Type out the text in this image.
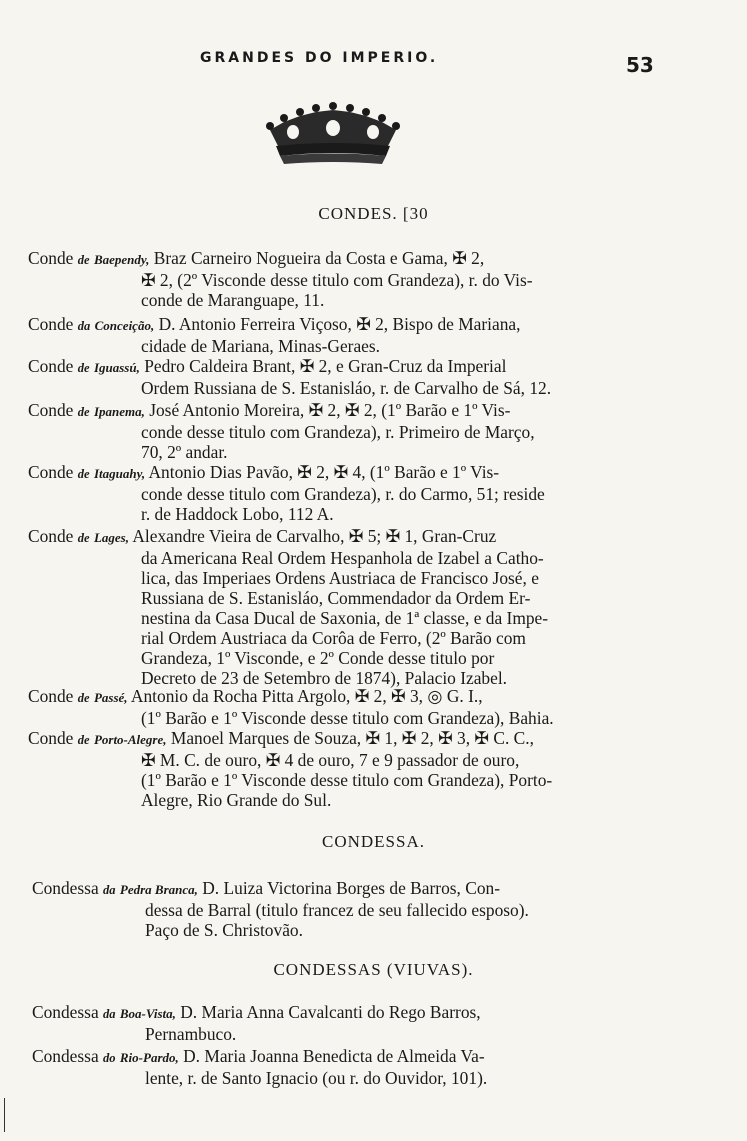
GRANDES DO IMPERIO.	53
CONDES. [30
Conde de Baependy, Braz Carneiro Nogueira da Costa e Gama, ✠ 2,
✠ 2, (2º Visconde desse titulo com Grandeza), r. do Vis-
conde de Maranguape, 11.
Conde da Conceição, D. Antonio Ferreira Viçoso, ✠ 2, Bispo de Mariana,
cidade de Mariana, Minas-Geraes.
Conde de Iguassú, Pedro Caldeira Brant, ✠ 2, e Gran-Cruz da Imperial
Ordem Russiana de S. Estanisláo, r. de Carvalho de Sá, 12.
Conde de Ipanema, José Antonio Moreira, ✠ 2, ✠ 2, (1º Barão e 1º Vis-
conde desse titulo com Grandeza), r. Primeiro de Março,
70, 2º andar.
Conde de Itaguahy, Antonio Dias Pavão, ✠ 2, ✠ 4, (1º Barão e 1º Vis-
conde desse titulo com Grandeza), r. do Carmo, 51; reside
r. de Haddock Lobo, 112 A.
Conde de Lages, Alexandre Vieira de Carvalho, ✠ 5; ✠ 1, Gran-Cruz
da Americana Real Ordem Hespanhola de Izabel a Catho-
lica, das Imperiaes Ordens Austriaca de Francisco José, e
Russiana de S. Estanisláo, Commendador da Ordem Er-
nestina da Casa Ducal de Saxonia, de 1ª classe, e da Impe-
rial Ordem Austriaca da Corôa de Ferro, (2º Barão com
Grandeza, 1º Visconde, e 2º Conde desse titulo por
Decreto de 23 de Setembro de 1874), Palacio Izabel.
Conde de Passé, Antonio da Rocha Pitta Argolo, ✠ 2, ✠ 3, ◎ G. I.,
(1º Barão e 1º Visconde desse titulo com Grandeza), Bahia.
Conde de Porto-Alegre, Manoel Marques de Souza, ✠ 1, ✠ 2, ✠ 3, ✠ C. C.,
✠ M. C. de ouro, ✠ 4 de ouro, 7 e 9 passador de ouro,
(1º Barão e 1º Visconde desse titulo com Grandeza), Porto-
Alegre, Rio Grande do Sul.
CONDESSA.
Condessa da Pedra Branca, D. Luiza Victorina Borges de Barros, Con-
dessa de Barral (titulo francez de seu fallecido esposo).
Paço de S. Christovão.
CONDESSAS (VIUVAS).
Condessa da Boa-Vista, D. Maria Anna Cavalcanti do Rego Barros,
Pernambuco.
Condessa do Rio-Pardo, D. Maria Joanna Benedicta de Almeida Va-
lente, r. de Santo Ignacio (ou r. do Ouvidor, 101).
